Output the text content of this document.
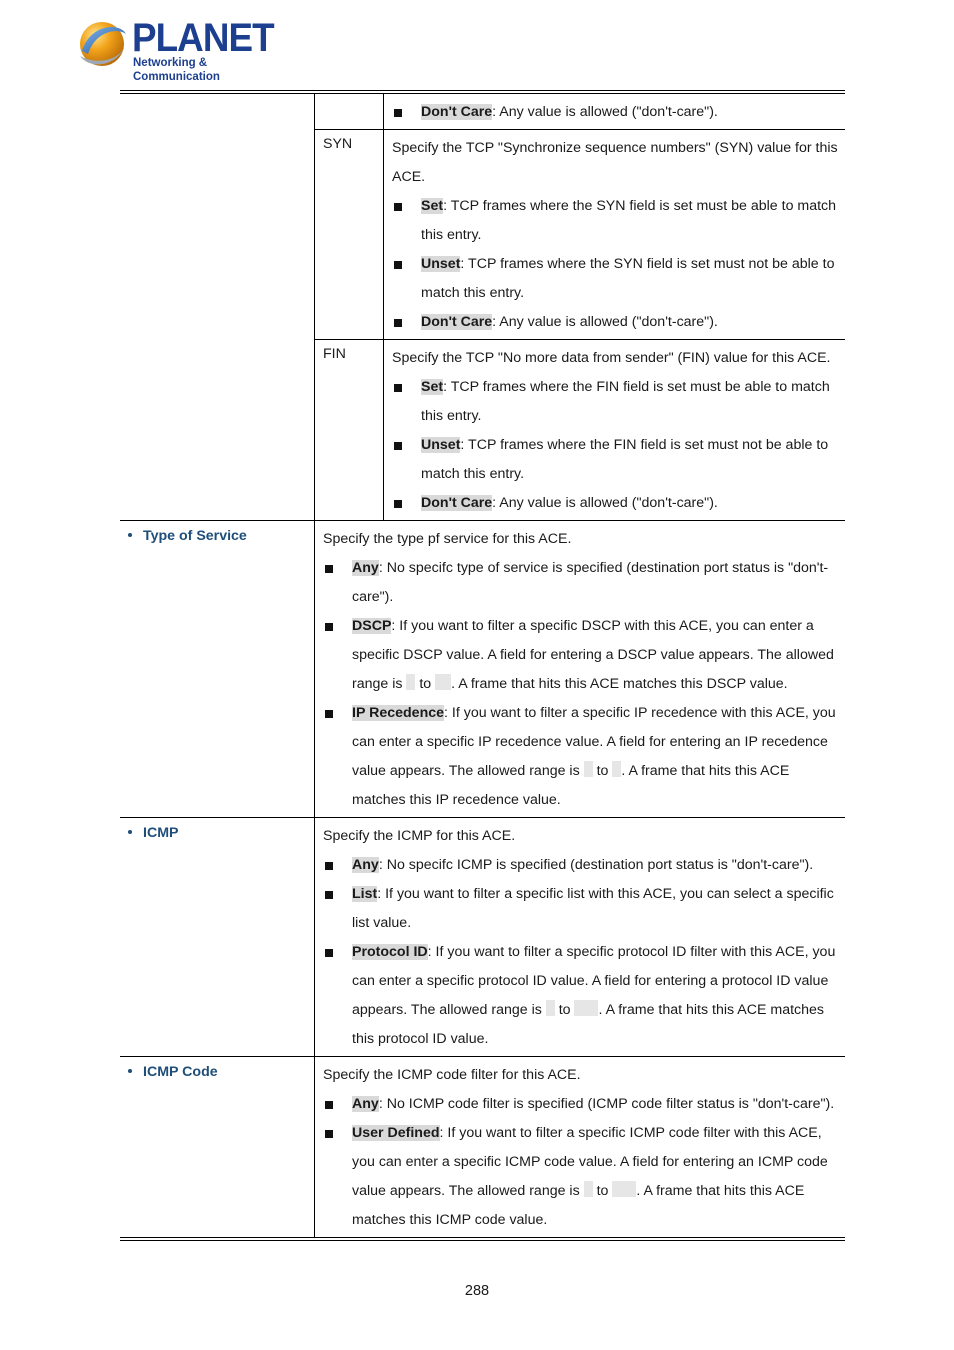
PLANET
Networking & Communication

Don't Care: Any value is allowed ("don't-care").

SYN	Specify the TCP "Synchronize sequence numbers" (SYN) value for this ACE.
Set: TCP frames where the SYN field is set must be able to match this entry.
Unset: TCP frames where the SYN field is set must not be able to match this entry.
Don't Care: Any value is allowed ("don't-care").

FIN	Specify the TCP "No more data from sender" (FIN) value for this ACE.
Set: TCP frames where the FIN field is set must be able to match this entry.
Unset: TCP frames where the FIN field is set must not be able to match this entry.
Don't Care: Any value is allowed ("don't-care").

Type of Service	Specify the type pf service for this ACE.
Any: No specifc type of service is specified (destination port status is "don't-care").
DSCP: If you want to filter a specific DSCP with this ACE, you can enter a specific DSCP value. A field for entering a DSCP value appears. The allowed range is  to . A frame that hits this ACE matches this DSCP value.
IP Recedence: If you want to filter a specific IP recedence with this ACE, you can enter a specific IP recedence value. A field for entering an IP recedence value appears. The allowed range is  to . A frame that hits this ACE matches this IP recedence value.

ICMP	Specify the ICMP for this ACE.
Any: No specifc ICMP is specified (destination port status is "don't-care").
List: If you want to filter a specific list with this ACE, you can select a specific list value.
Protocol ID: If you want to filter a specific protocol ID filter with this ACE, you can enter a specific protocol ID value. A field for entering a protocol ID value appears. The allowed range is  to . A frame that hits this ACE matches this protocol ID value.

ICMP Code	Specify the ICMP code filter for this ACE.
Any: No ICMP code filter is specified (ICMP code filter status is "don't-care").
User Defined: If you want to filter a specific ICMP code filter with this ACE, you can enter a specific ICMP code value. A field for entering an ICMP code value appears. The allowed range is  to . A frame that hits this ACE matches this ICMP code value.
288
